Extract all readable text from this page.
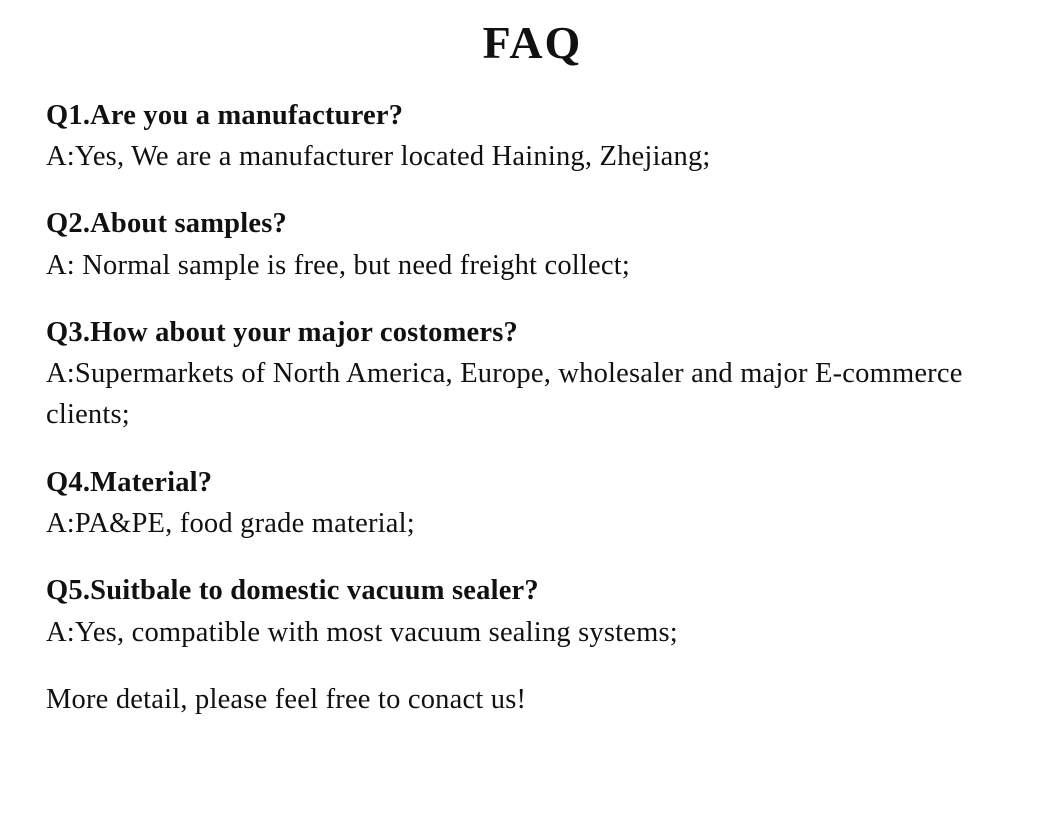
FAQ
Q1.Are you a manufacturer?
A:Yes, We are a manufacturer located Haining, Zhejiang;
Q2.About samples?
A: Normal sample is free, but need freight collect;
Q3.How about your major costomers?
A:Supermarkets of North America, Europe, wholesaler and major E-commerce clients;
Q4.Material?
A:PA&PE, food grade material;
Q5.Suitbale to domestic vacuum sealer?
A:Yes, compatible with most vacuum sealing systems;
More detail, please feel free to conact us!
